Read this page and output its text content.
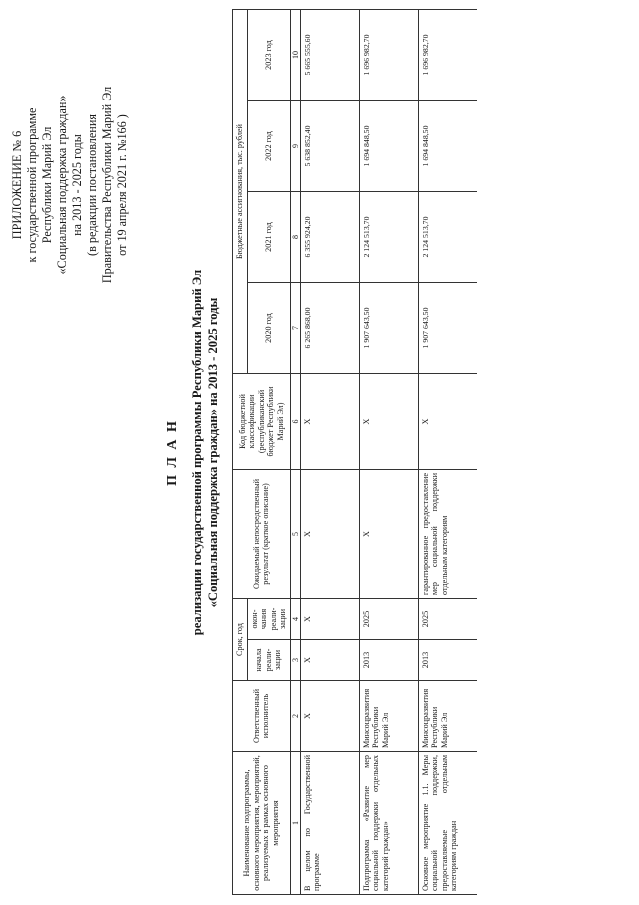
ПРИЛОЖЕНИЕ № 6 к государственной программе Республики Марий Эл «Социальная поддержка граждан» на 2013 - 2025 годы (в редакции постановления Правительства Республики Марий Эл от 19 апреля 2021 г. №166 )
П Л А Н реализации государственной программы Республики Марий Эл «Социальная поддержка граждан» на 2013 - 2025 годы
Наименование подпрограммы, основного мероприятия, мероприятий, реализуемых в рамках основного мероприятия	Ответственный исполнитель	Срок, год		Ожидаемый непосредственный результат (краткое описание)	Код бюджетной классификации (республиканский бюджет Республики Марий Эл)	Бюджетные ассигнования, тыс. рублей			
		начала реали-зации	окон-чания реали-зации			2020 год	2021 год	2022 год	2023 год
1	2	3	4	5	6	7	8	9	10
В целом по Государственной программе	Х	Х	Х	Х	Х	6 265 868,00	6 355 924,20	5 638 852,40	5 665 555,60
Подпрограмма «Развитие мер социальной поддержки отдельных категорий граждан»	Минсоцразвития Республики Марий Эл	2013	2025	Х	Х	1 907 643,50	2 124 513,70	1 694 848,50	1 696 982,70
Основное мероприятие 1.1. Меры социальной поддержки, предоставляемые отдельным категориям граждан	Минсоцразвития Республики Марий Эл	2013	2025	гарантированное предоставление мер социальной поддержки отдельным категориям	Х	1 907 643,50	2 124 513,70	1 694 848,50	1 696 982,70
